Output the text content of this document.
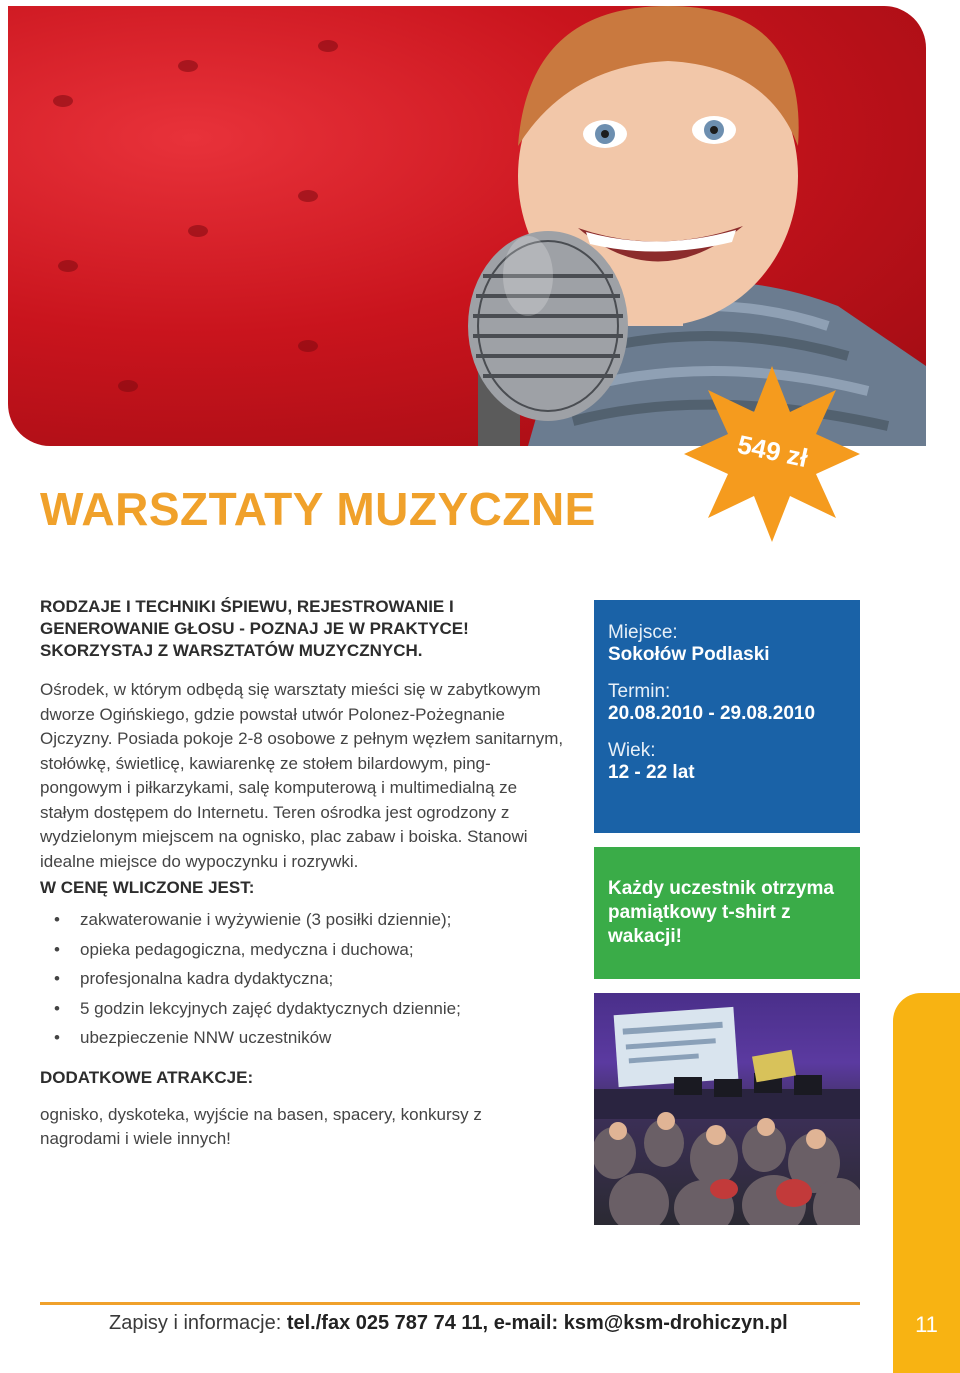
549 zł
WARSZTATY MUZYCZNE

RODZAJE I TECHNIKI ŚPIEWU, REJESTROWANIE I GENEROWANIE GŁOSU - POZNAJ JE W PRAKTYCE! SKORZYSTAJ Z WARSZTATÓW MUZYCZNYCH.

Ośrodek, w którym odbędą się warsztaty mieści się w zabytkowym dworze Ogińskiego, gdzie powstał utwór Polonez-Pożegnanie Ojczyzny. Posiada pokoje 2-8 osobowe z pełnym węzłem sanitarnym, stołówkę, świetlicę, kawiarenkę ze stołem bilardowym, ping-pongowym i piłkarzykami, salę komputerową i multimedialną ze stałym dostępem do Internetu. Teren ośrodka jest ogrodzony z wydzielonym miejscem na ognisko, plac zabaw i boiska. Stanowi idealne miejsce do wypoczynku i rozrywki.

W CENĘ WLICZONE JEST:
• zakwaterowanie i wyżywienie (3 posiłki dziennie);
• opieka pedagogiczna, medyczna i duchowa;
• profesjonalna kadra dydaktyczna;
• 5 godzin lekcyjnych zajęć dydaktycznych dziennie;
• ubezpieczenie NNW uczestników
DODATKOWE ATRAKCJE:

ognisko, dyskoteka, wyjście na basen, spacery, konkursy z nagrodami i wiele innych!

Miejsce:
Sokołów Podlaski
Termin:
20.08.2010 - 29.08.2010
Wiek:
12 - 22 lat
Każdy uczestnik otrzyma pamiątkowy t-shirt z wakacji!

Zapisy i informacje: tel./fax 025 787 74 11, e-mail: ksm@ksm-drohiczyn.pl	11
